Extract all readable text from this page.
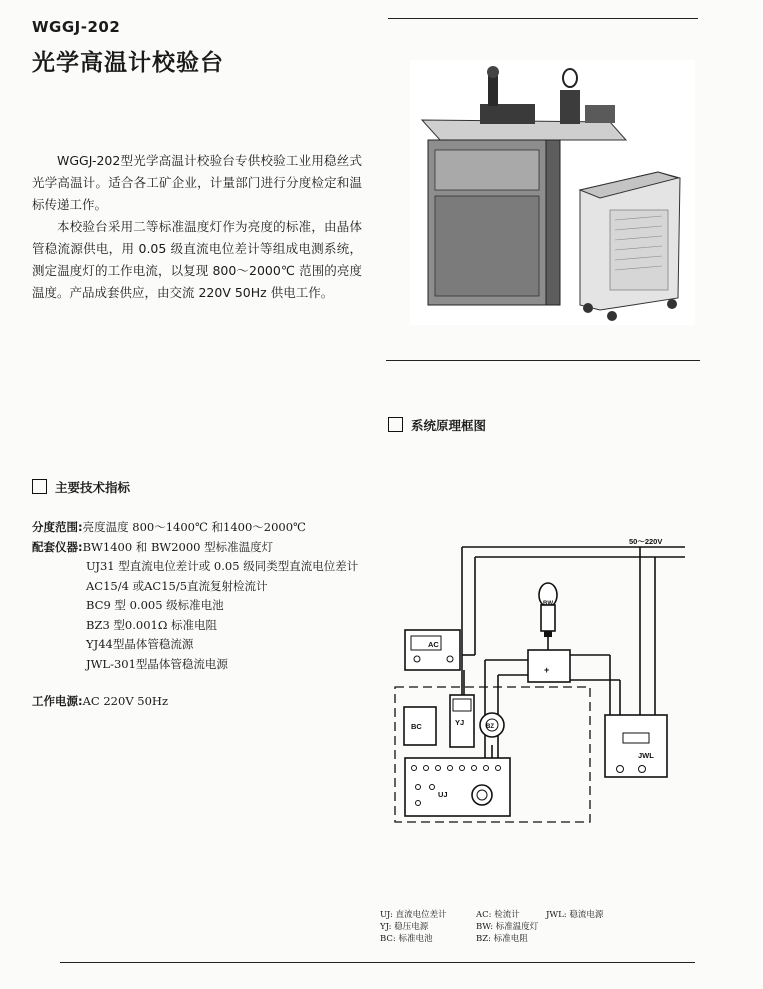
WGGJ-202
光学高温计校验台

WGGJ-202型光学高温计校验台专供校验工业用稳丝式光学高温计。适合各工矿企业，计量部门进行分度检定和温标传递工作。

本校验台采用二等标准温度灯作为亮度的标准，由晶体管稳流源供电，用 0.05 级直流电位差计等组成电测系统，测定温度灯的工作电流，以复现 800～2000℃ 范围的亮度温度。产品成套供应，由交流 220V 50Hz 供电工作。

系统原理框图
主要技术指标
分度范围: 亮度温度 800～1400℃ 和1400～2000℃
配套仪器: BW1400 和 BW2000 型标准温度灯
UJ31 型直流电位差计或 0.05 级同类型直流电位差计
AC15/4 或AC15/5直流复射检流计
BC9 型 0.005 级标准电池
BZ3 型0.001Ω 标准电阻
YJ44型晶体管稳流源
JWL-301型晶体管稳流电源
工作电源: AC 220V 50Hz
50～220V
AC
BW
+
BC	YJ	BZ
UJ
JWL
UJ: 直流电位差计	AC: 检流计	JWL: 稳流电源
YJ: 稳压电源	BW: 标准温度灯
BC: 标准电池	BZ: 标准电阻
